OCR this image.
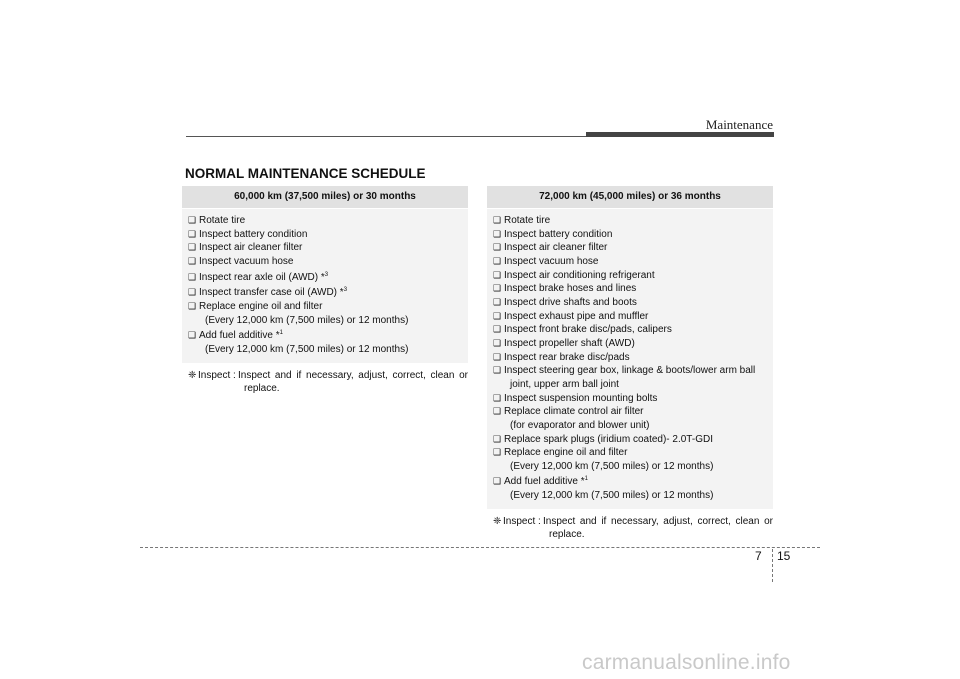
Maintenance
NORMAL MAINTENANCE SCHEDULE
60,000 km (37,500 miles) or 30 months
❑ Rotate tire
❑ Inspect battery condition
❑ Inspect air cleaner filter
❑ Inspect vacuum hose
❑ Inspect rear axle oil (AWD) *$^3$
❑ Inspect transfer case oil (AWD) *$^3$
❑ Replace engine oil and filter
(Every 12,000 km (7,500 miles) or 12 months)
❑ Add fuel additive *$^1$
(Every 12,000 km (7,500 miles) or 12 months)
❈ Inspect : Inspect and if necessary, adjust, correct, clean or
replace.
72,000 km (45,000 miles) or 36 months
❑ Rotate tire
❑ Inspect battery condition
❑ Inspect air cleaner filter
❑ Inspect vacuum hose
❑ Inspect air conditioning refrigerant
❑ Inspect brake hoses and lines
❑ Inspect drive shafts and boots
❑ Inspect exhaust pipe and muffler
❑ Inspect front brake disc/pads, calipers
❑ Inspect propeller shaft (AWD)
❑ Inspect rear brake disc/pads
❑ Inspect steering gear box, linkage & boots/lower arm ball
joint, upper arm ball joint
❑ Inspect suspension mounting bolts
❑ Replace climate control air filter
(for evaporator and blower unit)
❑ Replace spark plugs (iridium coated)- 2.0T-GDI
❑ Replace engine oil and filter
(Every 12,000 km (7,500 miles) or 12 months)
❑ Add fuel additive *$^1$
(Every 12,000 km (7,500 miles) or 12 months)
❈ Inspect : Inspect and if necessary, adjust, correct, clean or
replace.
7 15
carmanualsonline.info
